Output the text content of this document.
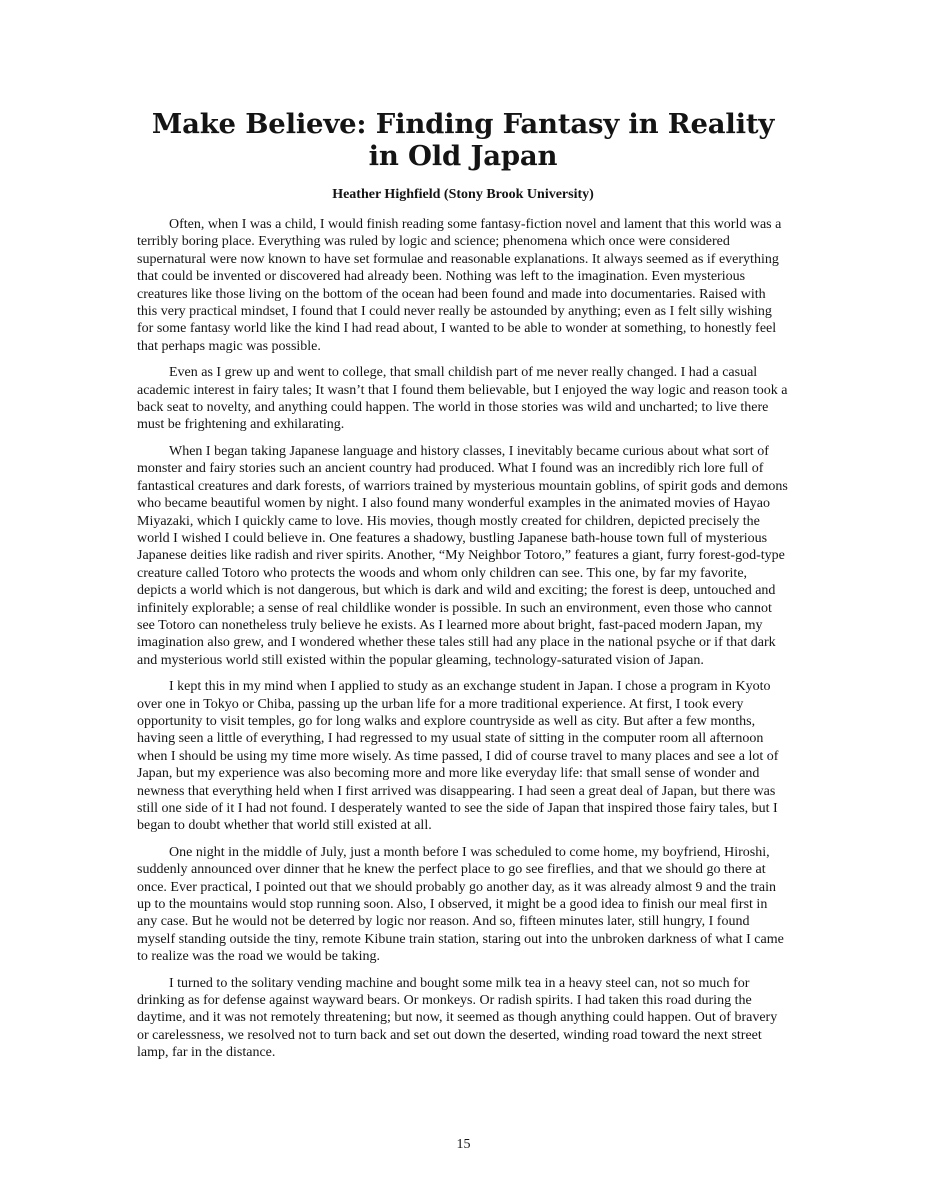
Make Believe: Finding Fantasy in Reality in Old Japan
Heather Highfield (Stony Brook University)

Often, when I was a child, I would finish reading some fantasy-fiction novel and lament that this world was a terribly boring place. Everything was ruled by logic and science; phenomena which once were considered supernatural were now known to have set formulae and reasonable explanations. It always seemed as if everything that could be invented or discovered had already been. Nothing was left to the imagination. Even mysterious creatures like those living on the bottom of the ocean had been found and made into documentaries. Raised with this very practical mindset, I found that I could never really be astounded by anything; even as I felt silly wishing for some fantasy world like the kind I had read about, I wanted to be able to wonder at something, to honestly feel that perhaps magic was possible.

Even as I grew up and went to college, that small childish part of me never really changed. I had a casual academic interest in fairy tales; It wasn’t that I found them believable, but I enjoyed the way logic and reason took a back seat to novelty, and anything could happen. The world in those stories was wild and uncharted; to live there must be frightening and exhilarating.

When I began taking Japanese language and history classes, I inevitably became curious about what sort of monster and fairy stories such an ancient country had produced. What I found was an incredibly rich lore full of fantastical creatures and dark forests, of warriors trained by mysterious mountain goblins, of spirit gods and demons who became beautiful women by night. I also found many wonderful examples in the animated movies of Hayao Miyazaki, which I quickly came to love. His movies, though mostly created for children, depicted precisely the world I wished I could believe in. One features a shadowy, bustling Japanese bath-house town full of mysterious Japanese deities like radish and river spirits. Another, “My Neighbor Totoro,” features a giant, furry forest-god-type creature called Totoro who protects the woods and whom only children can see. This one, by far my favorite, depicts a world which is not dangerous, but which is dark and wild and exciting; the forest is deep, untouched and infinitely explorable; a sense of real childlike wonder is possible. In such an environment, even those who cannot see Totoro can nonetheless truly believe he exists. As I learned more about bright, fast-paced modern Japan, my imagination also grew, and I wondered whether these tales still had any place in the national psyche or if that dark and mysterious world still existed within the popular gleaming, technology-saturated vision of Japan.

I kept this in my mind when I applied to study as an exchange student in Japan. I chose a program in Kyoto over one in Tokyo or Chiba, passing up the urban life for a more traditional experience. At first, I took every opportunity to visit temples, go for long walks and explore countryside as well as city. But after a few months, having seen a little of everything, I had regressed to my usual state of sitting in the computer room all afternoon when I should be using my time more wisely. As time passed, I did of course travel to many places and see a lot of Japan, but my experience was also becoming more and more like everyday life: that small sense of wonder and newness that everything held when I first arrived was disappearing. I had seen a great deal of Japan, but there was still one side of it I had not found. I desperately wanted to see the side of Japan that inspired those fairy tales, but I began to doubt whether that world still existed at all.

One night in the middle of July, just a month before I was scheduled to come home, my boyfriend, Hiroshi, suddenly announced over dinner that he knew the perfect place to go see fireflies, and that we should go there at once. Ever practical, I pointed out that we should probably go another day, as it was already almost 9 and the train up to the mountains would stop running soon. Also, I observed, it might be a good idea to finish our meal first in any case. But he would not be deterred by logic nor reason. And so, fifteen minutes later, still hungry, I found myself standing outside the tiny, remote Kibune train station, staring out into the unbroken darkness of what I came to realize was the road we would be taking.

I turned to the solitary vending machine and bought some milk tea in a heavy steel can, not so much for drinking as for defense against wayward bears. Or monkeys. Or radish spirits. I had taken this road during the daytime, and it was not remotely threatening; but now, it seemed as though anything could happen. Out of bravery or carelessness, we resolved not to turn back and set out down the deserted, winding road toward the next street lamp, far in the distance.

15
